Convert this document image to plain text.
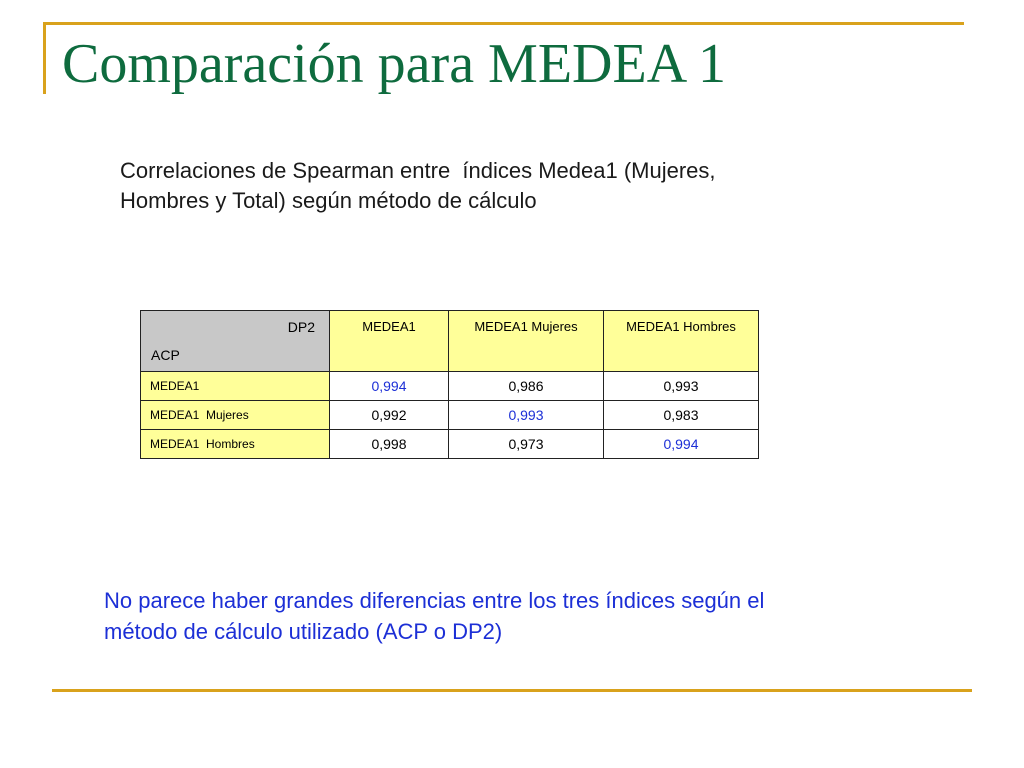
Comparación para MEDEA 1
Correlaciones de Spearman entre  índices Medea1 (Mujeres,
Hombres y Total) según método de cálculo
DP2
ACP	MEDEA1	MEDEA1 Mujeres	MEDEA1 Hombres
MEDEA1	0,994	0,986	0,993
MEDEA1  Mujeres	0,992	0,993	0,983
MEDEA1  Hombres	0,998	0,973	0,994
No parece haber grandes diferencias entre los tres índices según el
método de cálculo utilizado (ACP o DP2)
